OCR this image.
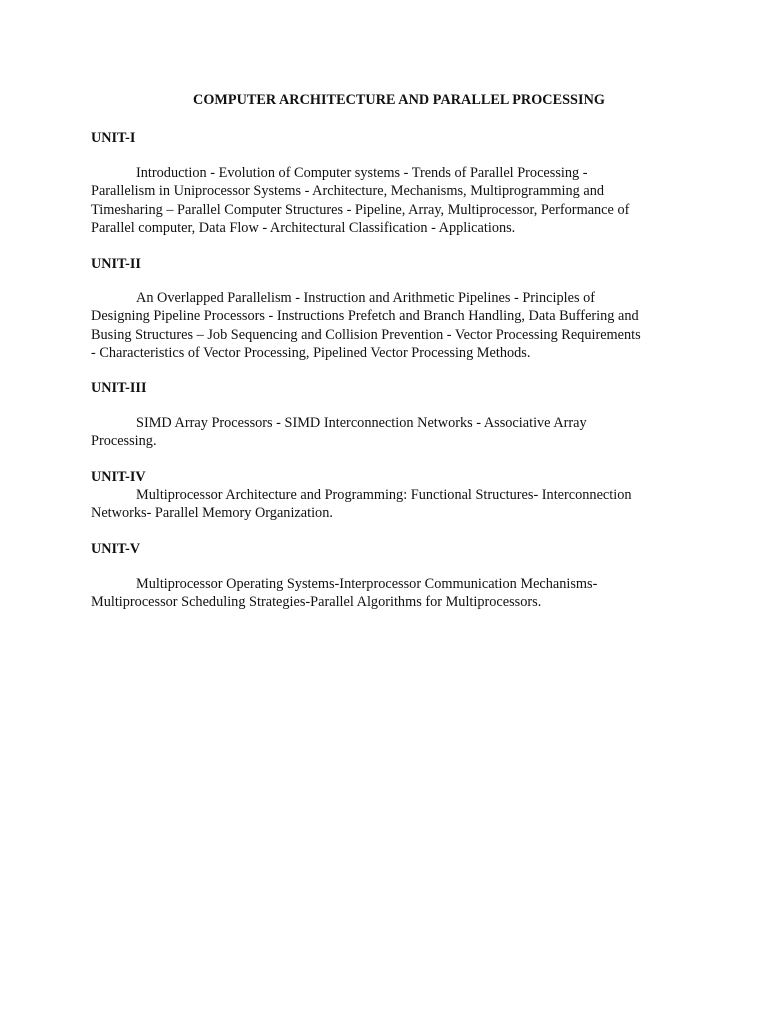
COMPUTER ARCHITECTURE AND PARALLEL PROCESSING
UNIT-I
Introduction - Evolution of Computer systems - Trends of Parallel Processing -
Parallelism in Uniprocessor Systems - Architecture, Mechanisms, Multiprogramming and
Timesharing – Parallel Computer Structures - Pipeline, Array, Multiprocessor, Performance of
Parallel computer, Data Flow - Architectural Classification - Applications.
UNIT-II
An Overlapped Parallelism - Instruction and Arithmetic Pipelines - Principles of
Designing Pipeline Processors - Instructions Prefetch and Branch Handling, Data Buffering and
Busing Structures – Job Sequencing and Collision Prevention - Vector Processing Requirements
- Characteristics of Vector Processing, Pipelined Vector Processing Methods.
UNIT-III
SIMD Array Processors - SIMD Interconnection Networks - Associative Array
Processing.
UNIT-IV
Multiprocessor Architecture and Programming: Functional Structures- Interconnection
Networks- Parallel Memory Organization.
UNIT-V
Multiprocessor Operating Systems-Interprocessor Communication Mechanisms-
Multiprocessor Scheduling Strategies-Parallel Algorithms for Multiprocessors.
